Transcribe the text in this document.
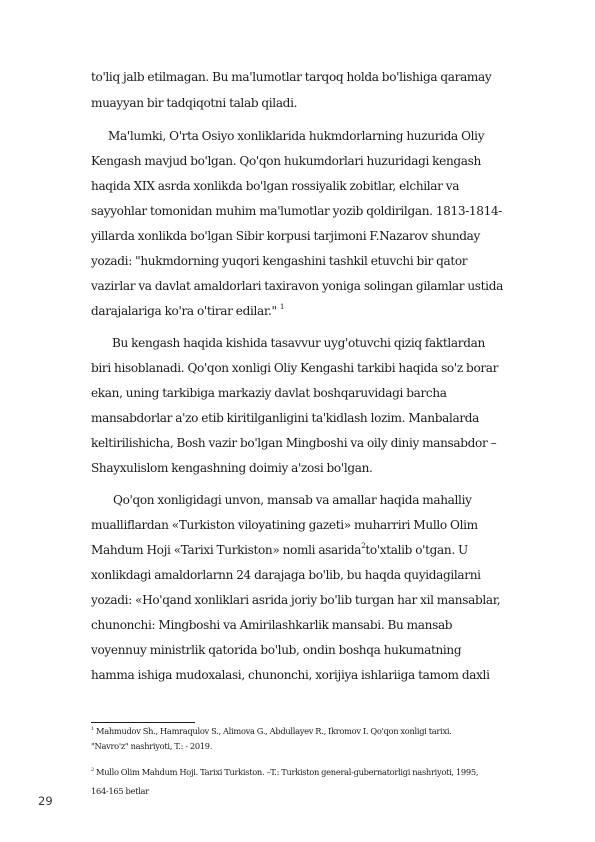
to'liq jalb etilmagan. Bu ma'lumotlar tarqoq holda bo'lishiga qaramay
muayyan bir tadqiqotni talab qiladi.
Ma'lumki, O'rta Osiyo xonliklarida hukmdorlarning huzurida Oliy
Kengash mavjud bo'lgan. Qo'qon hukumdorlari huzuridagi kengash
haqida XIX asrda xonlikda bo'lgan rossiyalik zobitlar, elchilar va
sayyohlar tomonidan muhim ma'lumotlar yozib qoldirilgan. 1813-1814-
yillarda xonlikda bo'lgan Sibir korpusi tarjimoni F.Nazarov shunday
yozadi: "hukmdorning yuqori kengashini tashkil etuvchi bir qator
vazirlar va davlat amaldorlari taxiravon yoniga solingan gilamlar ustida
darajalariga ko'ra o'tirar edilar." $^1$
Bu kengash haqida kishida tasavvur uyg'otuvchi qiziq faktlardan
biri hisoblanadi. Qo'qon xonligi Oliy Kengashi tarkibi haqida so'z borar
ekan, uning tarkibiga markaziy davlat boshqaruvidagi barcha
mansabdorlar a'zo etib kiritilganligini ta'kidlash lozim. Manbalarda
keltirilishicha, Bosh vazir bo'lgan Mingboshi va oily diniy mansabdor –
Shayxulislom kengashning doimiy a'zosi bo'lgan.
Qo'qon xonligidagi unvon, mansab va amallar haqida mahalliy
mualliflardan «Turkiston viloyatining gazeti» muharriri Mullo Olim
Mahdum Hoji «Tarixi Turkiston» nomli asarida$^2$to'xtalib o'tgan. U
xonlikdagi amaldorlarnn 24 darajaga bo'lib, bu haqda quyidagilarni
yozadi: «Ho'qand xonliklari asrida joriy bo'lib turgan har xil mansablar,
chunonchi: Mingboshi va Amirilashkarlik mansabi. Bu mansab
voyennuy ministrlik qatorida bo'lub, ondin boshqa hukumatning
hamma ishiga mudoxalasi, chunonchi, xorijiya ishlariiga tamom daxli
$^1$ Mahmudov Sh., Hamraqulov S., Alimova G., Abdullayev R., Ikromov I. Qo'qon xonligi tarixi.
"Navro'z" nashriyoti, T.: - 2019.
$^2$ Mullo Olim Mahdum Hoji. Tarixi Turkiston. –T.: Turkiston general-gubernatorligi nashriyoti, 1995,
164-165 betlar
29
